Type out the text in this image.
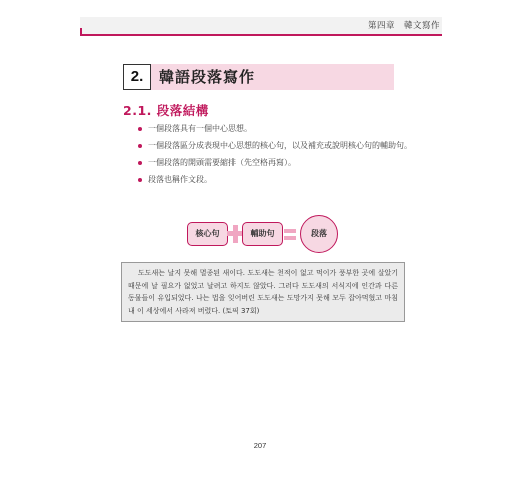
第四章　韓文寫作
2.	韓語段落寫作
2.1. 段落結構
一個段落具有一個中心思想。
一個段落區分成表現中心思想的核心句，以及補充或說明核心句的輔助句。
一個段落的開頭需要縮排（先空格再寫）。
段落也稱作文段。
核心句	輔助句	段落
도도새는 날지 못해 멸종된 새이다. 도도새는 천적이 없고 먹이가 풍부한 곳에 살았기 때문에 날 필요가 없었고 날려고 하지도 않았다. 그러다 도도새의 서식지에 인간과 다른 동물들이 유입되었다. 나는 법을 잊어버린 도도새는 도망가지 못해 모두 잡아먹혔고 마침내 이 세상에서 사라져 버렸다. (토픽 37회)
207
